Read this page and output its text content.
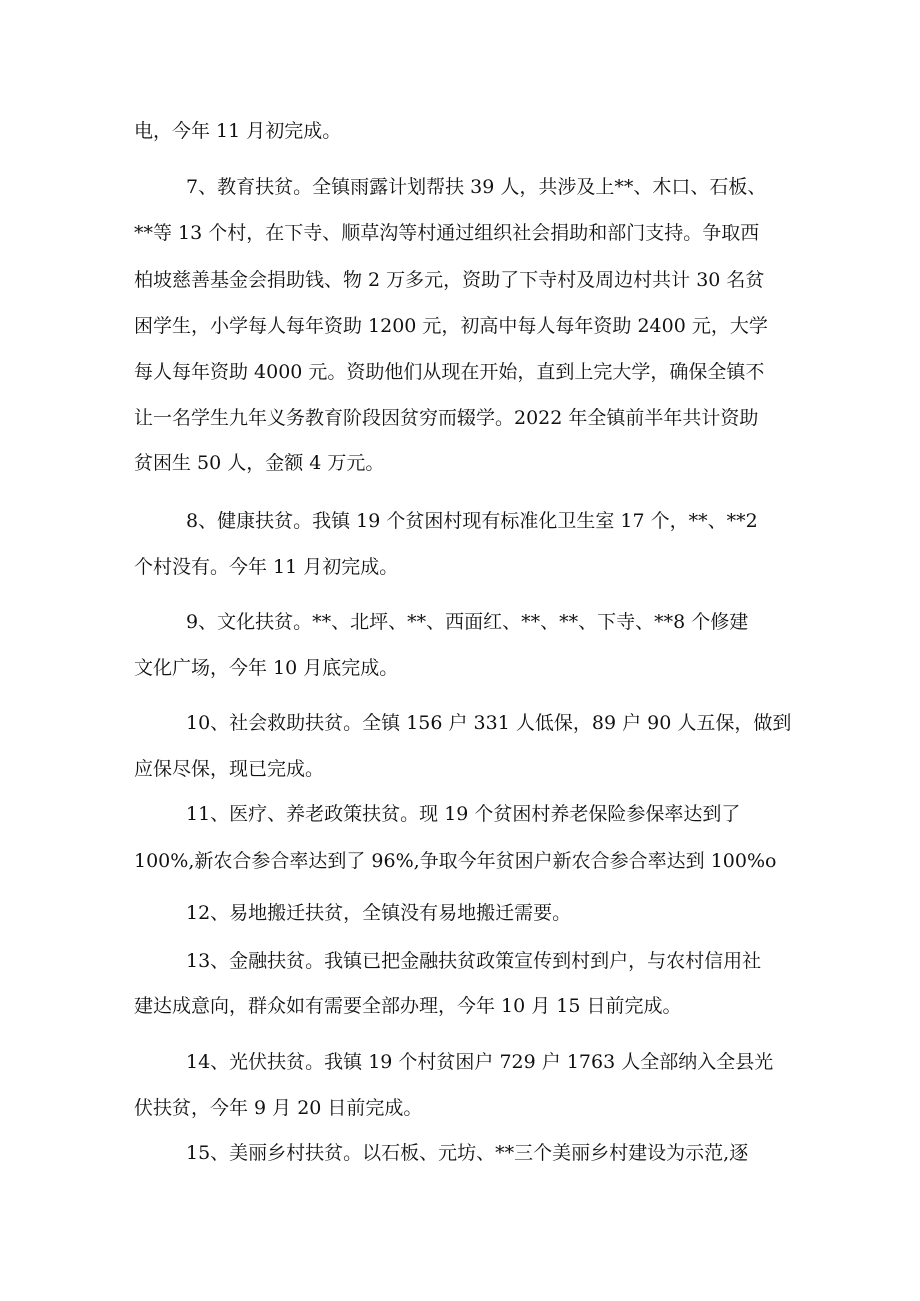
电，今年 11 月初完成。
7、教育扶贫。全镇雨露计划帮扶 39 人，共涉及上**、木口、石板、
**等 13 个村，在下寺、顺草沟等村通过组织社会捐助和部门支持。争取西
柏坡慈善基金会捐助钱、物 2 万多元，资助了下寺村及周边村共计 30 名贫
困学生，小学每人每年资助 1200 元，初高中每人每年资助 2400 元，大学
每人每年资助 4000 元。资助他们从现在开始，直到上完大学，确保全镇不
让一名学生九年义务教育阶段因贫穷而辍学。2022 年全镇前半年共计资助
贫困生 50 人，金额 4 万元。
8、健康扶贫。我镇 19 个贫困村现有标准化卫生室 17 个，**、**2
个村没有。今年 11 月初完成。
9、文化扶贫。**、北坪、**、西面红、**、**、下寺、**8 个修建
文化广场，今年 10 月底完成。
10、社会救助扶贫。全镇 156 户 331 人低保，89 户 90 人五保，做到
应保尽保，现已完成。
11、医疗、养老政策扶贫。现 19 个贫困村养老保险参保率达到了
100%,新农合参合率达到了 96%,争取今年贫困户新农合参合率达到 100%o
12、易地搬迁扶贫，全镇没有易地搬迁需要。
13、金融扶贫。我镇已把金融扶贫政策宣传到村到户，与农村信用社
建达成意向，群众如有需要全部办理，今年 10 月 15 日前完成。
14、光伏扶贫。我镇 19 个村贫困户 729 户 1763 人全部纳入全县光
伏扶贫，今年 9 月 20 日前完成。
15、美丽乡村扶贫。以石板、元坊、**三个美丽乡村建设为示范,逐
